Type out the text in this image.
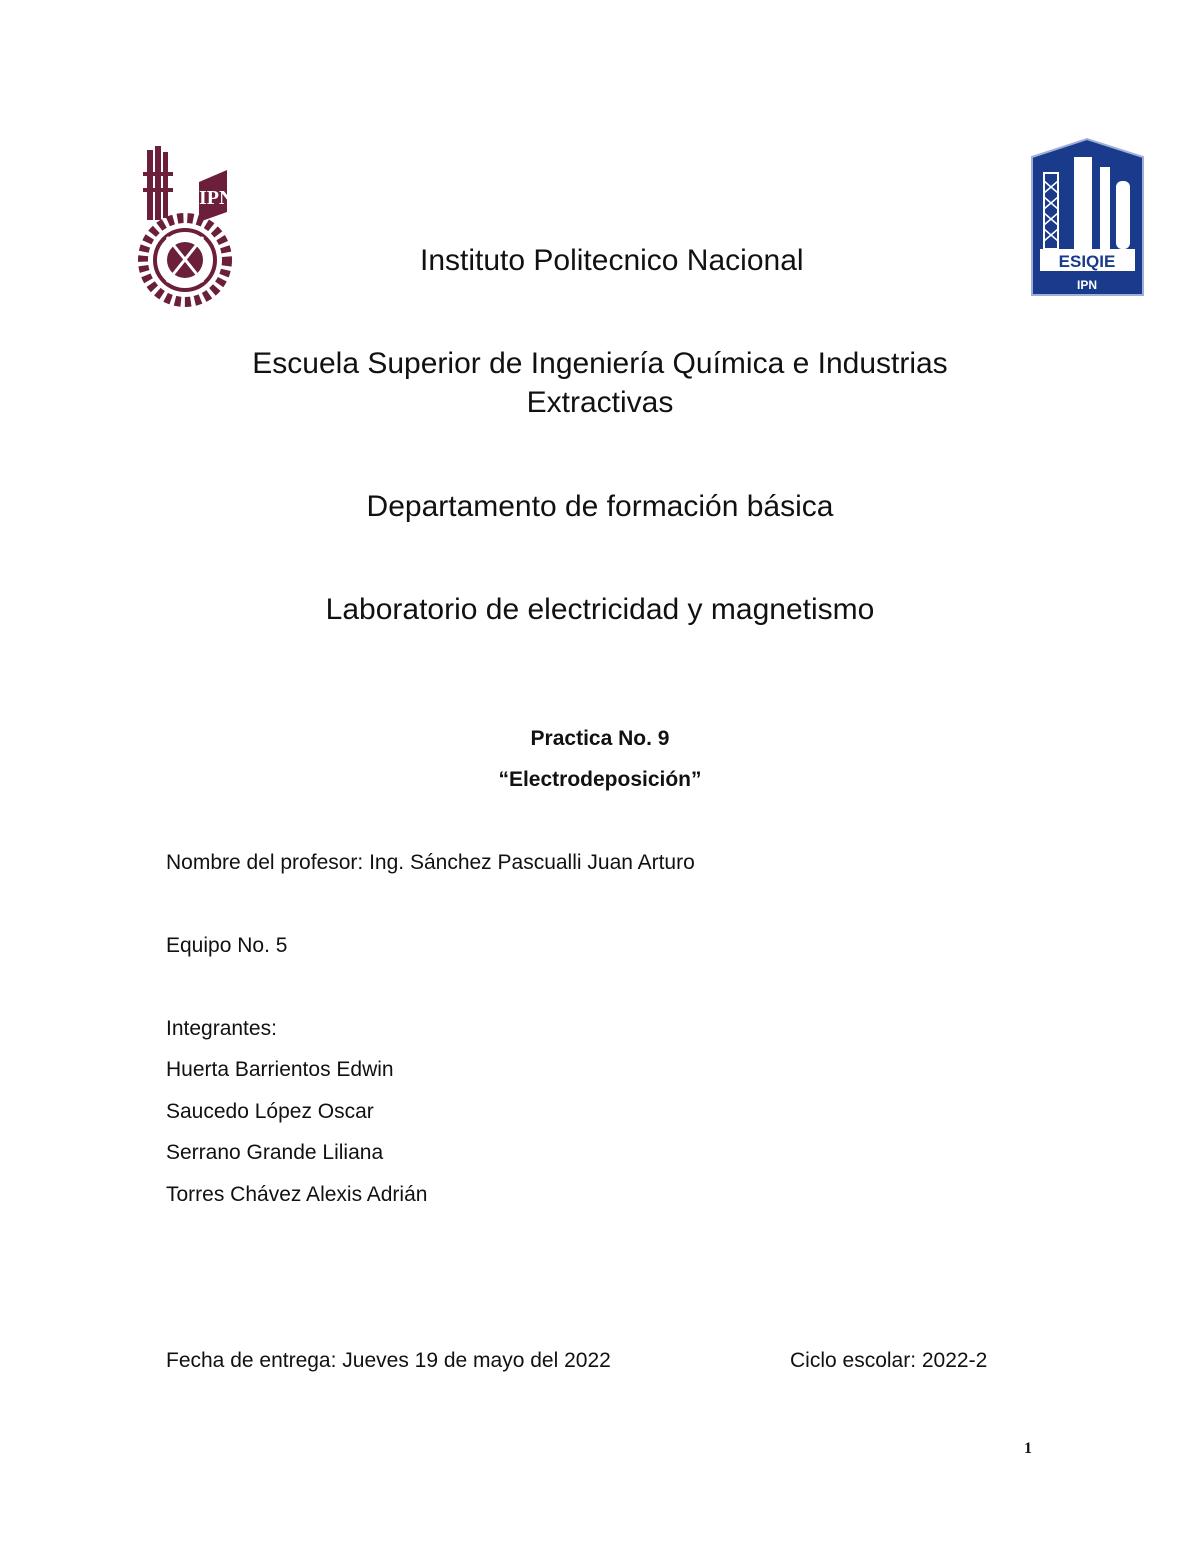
IPN
ESIQIE
IPN
Instituto Politecnico Nacional
Escuela Superior de Ingeniería Química e Industrias
Extractivas
Departamento de formación básica
Laboratorio de electricidad y magnetismo
Practica No. 9
“Electrodeposición”
Nombre del profesor: Ing. Sánchez Pascualli Juan Arturo
Equipo No. 5
Integrantes:
Huerta Barrientos Edwin
Saucedo López Oscar
Serrano Grande Liliana
Torres Chávez Alexis Adrián
Fecha de entrega: Jueves 19 de mayo del 2022	Ciclo escolar: 2022-2
1
